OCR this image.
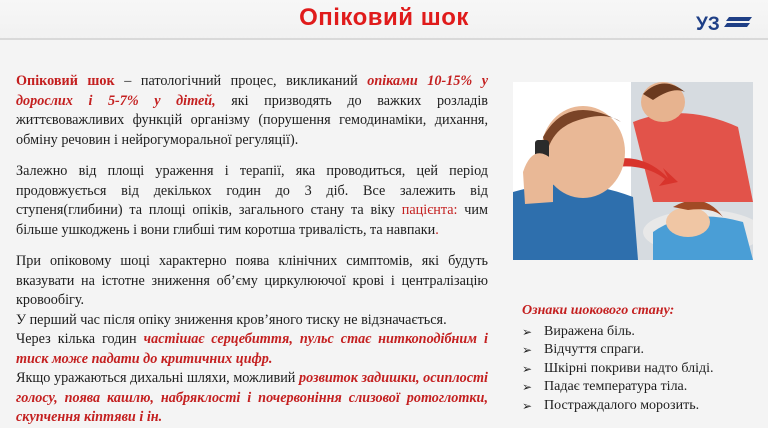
Опіковий шок	УЗ

Опіковий шок – патологічний процес, викликаний опіками 10-15% у дорослих і 5-7% у дітей, які призводять до важких розладів життєвоважливих функцій організму (порушення гемодинаміки, дихання, обміну речовин і нейрогуморальної регуляції).

Залежно від площі ураження і терапії, яка проводиться, цей період продовжується від декількох годин до 3 діб. Все залежить від ступеня(глибини) та площі опіків, загального стану та віку пацієнта: чим більше ушкоджень і вони глибші тим коротша тривалість, та навпаки.

При опіковому шоці характерно поява клінічних симптомів, які будуть вказувати на істотне зниження об’єму циркулюючої крові і централізацію кровообігу.

У перший час після опіку зниження кров’яного тиску не відзначається.

Через кілька годин частішає серцебиття, пульс стає ниткоподібним і тиск може падати до критичних цифр.

Якщо уражаються дихальні шляхи, можливий розвиток задишки, осиплості голосу, поява кашлю, набряклості і почервоніння слизової ротоглотки, скупчення кіптяви і ін.

Ознаки шокового стану:
➢ Виражена біль.
➢ Відчуття спраги.
➢ Шкірні покриви надто бліді.
➢ Падає температура тіла.
➢ Постраждалого морозить.
